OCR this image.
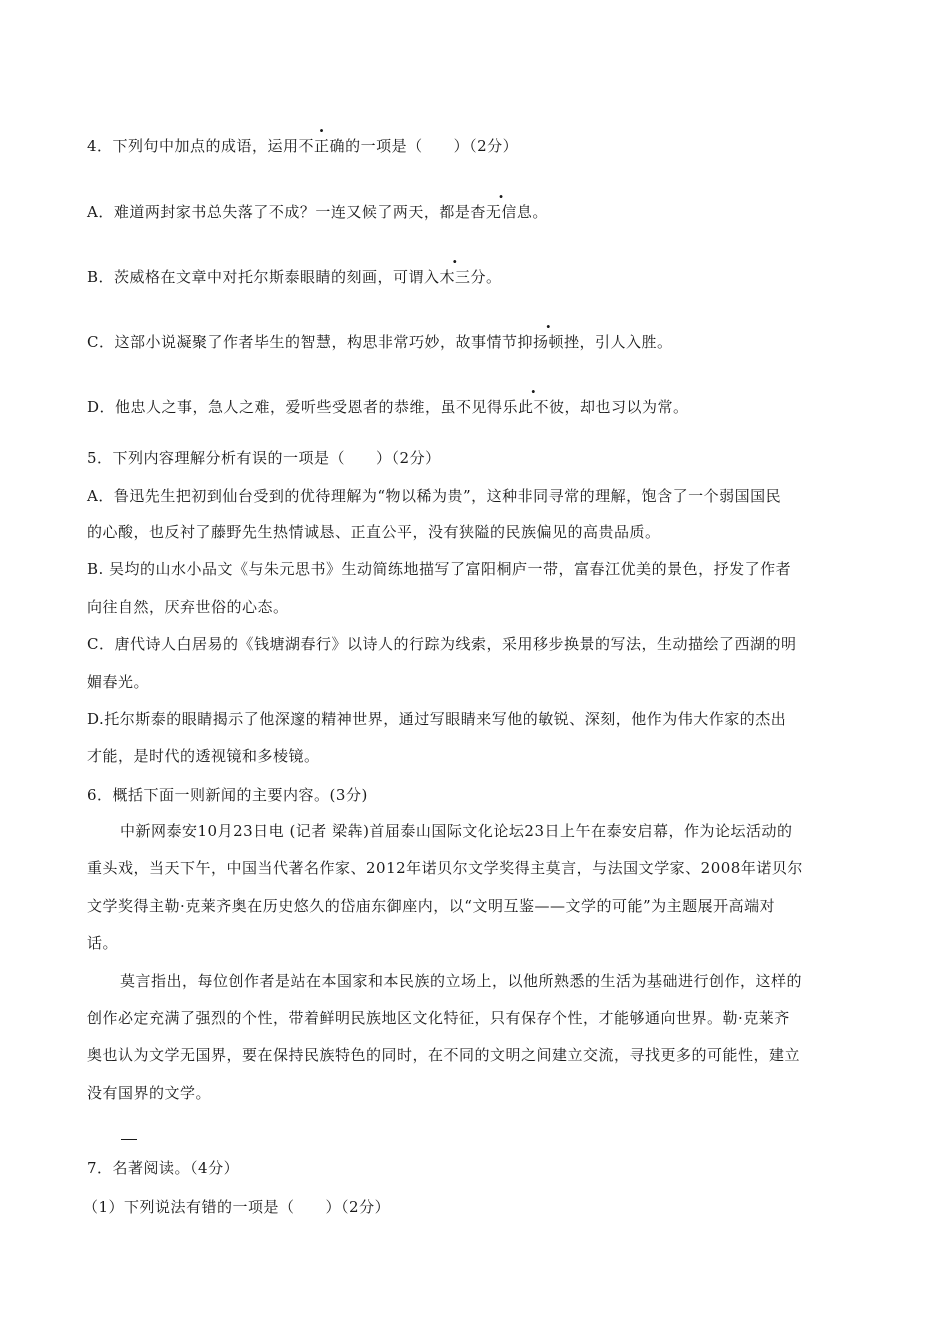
4．下列句中加点的成语，运用不正确的一项是（　　）（2分）
A．难道两封家书总失落了不成？一连又候了两天，都是杳无信息。
B．茨威格在文章中对托尔斯泰眼睛的刻画，可谓入木三分。
C．这部小说凝聚了作者毕生的智慧，构思非常巧妙，故事情节抑扬顿挫，引人入胜。
D．他忠人之事，急人之难，爱听些受恩者的恭维，虽不见得乐此不彼，却也习以为常。
5．下列内容理解分析有误的一项是（　　）（2分）
A．鲁迅先生把初到仙台受到的优待理解为“物以稀为贵”，这种非同寻常的理解，饱含了一个弱国国民
的心酸，也反衬了藤野先生热情诚恳、正直公平，没有狭隘的民族偏见的高贵品质。
B. 吴均的山水小品文《与朱元思书》生动简练地描写了富阳桐庐一带，富春江优美的景色，抒发了作者
向往自然，厌弃世俗的心态。
C．唐代诗人白居易的《钱塘湖春行》以诗人的行踪为线索，采用移步换景的写法，生动描绘了西湖的明
媚春光。
D.托尔斯泰的眼睛揭示了他深邃的精神世界，通过写眼睛来写他的敏锐、深刻，他作为伟大作家的杰出
才能，是时代的透视镜和多棱镜。
6．概括下面一则新闻的主要内容。(3分)
中新网泰安10月23日电 (记者 梁犇)首届泰山国际文化论坛23日上午在泰安启幕，作为论坛活动的
重头戏，当天下午，中国当代著名作家、2012年诺贝尔文学奖得主莫言，与法国文学家、2008年诺贝尔
文学奖得主勒·克莱齐奥在历史悠久的岱庙东御座内，以“文明互鉴——文学的可能”为主题展开高端对
话。
莫言指出，每位创作者是站在本国家和本民族的立场上，以他所熟悉的生活为基础进行创作，这样的
创作必定充满了强烈的个性，带着鲜明民族地区文化特征，只有保存个性，才能够通向世界。勒·克莱齐
奥也认为文学无国界，要在保持民族特色的同时，在不同的文明之间建立交流，寻找更多的可能性，建立
没有国界的文学。
7．名著阅读。（4分）
（1）下列说法有错的一项是（　　）（2分）
